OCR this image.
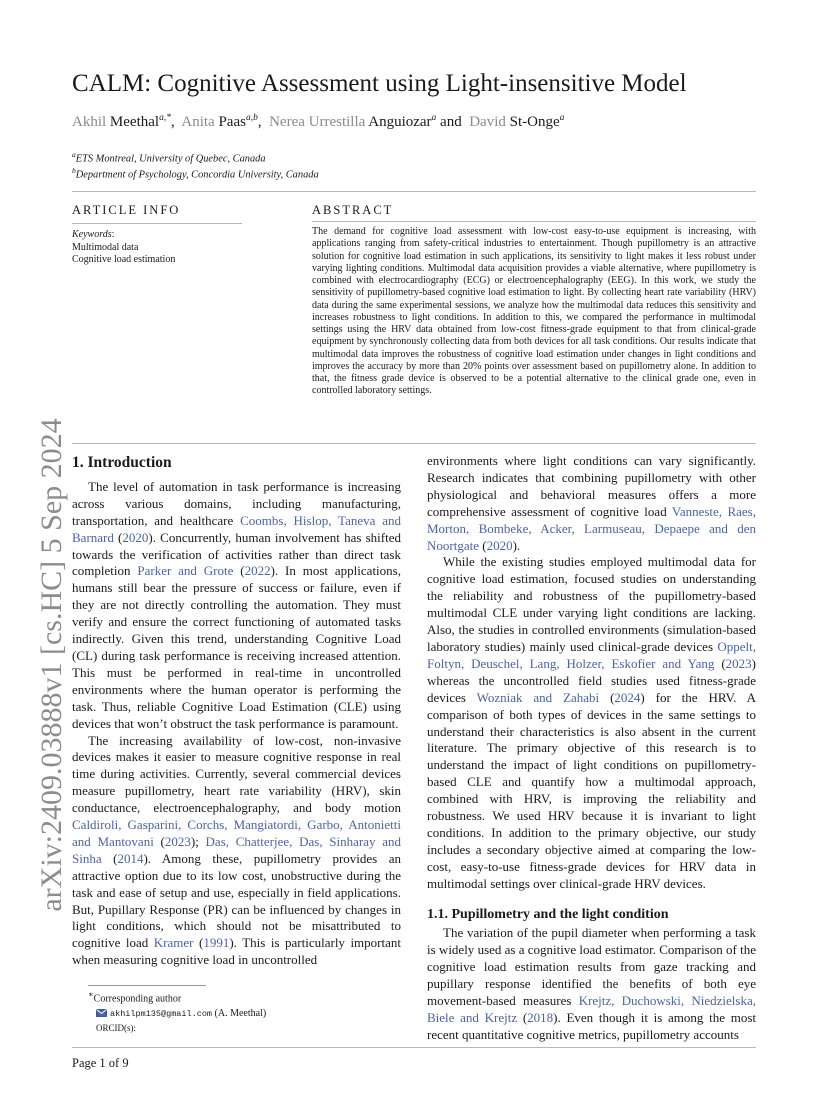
arXiv:2409.03888v1 [cs.HC] 5 Sep 2024
CALM: Cognitive Assessment using Light-insensitive Model
Akhil Meethal$^{a,*}$,  Anita Paas$^{a,b}$,  Nerea Urrestilla Anguiozar$^a$ and David St-Onge$^a$
$^a$ETS Montreal, University of Quebec, Canada
$^b$Department of Psychology, Concordia University, Canada
ARTICLE INFO
Keywords:
Multimodal data
Cognitive load estimation
ABSTRACT
The demand for cognitive load assessment with low-cost easy-to-use equipment is increasing, with applications ranging from safety-critical industries to entertainment. Though pupillometry is an attractive solution for cognitive load estimation in such applications, its sensitivity to light makes it less robust under varying lighting conditions. Multimodal data acquisition provides a viable alternative, where pupillometry is combined with electrocardiography (ECG) or electroencephalography (EEG). In this work, we study the sensitivity of pupillometry-based cognitive load estimation to light. By collecting heart rate variability (HRV) data during the same experimental sessions, we analyze how the multimodal data reduces this sensitivity and increases robustness to light conditions. In addition to this, we compared the performance in multimodal settings using the HRV data obtained from low-cost fitness-grade equipment to that from clinical-grade equipment by synchronously collecting data from both devices for all task conditions. Our results indicate that multimodal data improves the robustness of cognitive load estimation under changes in light conditions and improves the accuracy by more than 20% points over assessment based on pupillometry alone. In addition to that, the fitness grade device is observed to be a potential alternative to the clinical grade one, even in controlled laboratory settings.
1. Introduction

The level of automation in task performance is increasing across various domains, including manufacturing, transportation, and healthcare Coombs, Hislop, Taneva and Barnard (2020). Concurrently, human involvement has shifted towards the verification of activities rather than direct task completion Parker and Grote (2022). In most applications, humans still bear the pressure of success or failure, even if they are not directly controlling the automation. They must verify and ensure the correct functioning of automated tasks indirectly. Given this trend, understanding Cognitive Load (CL) during task performance is receiving increased attention. This must be performed in real-time in uncontrolled environments where the human operator is performing the task. Thus, reliable Cognitive Load Estimation (CLE) using devices that won’t obstruct the task performance is paramount.

The increasing availability of low-cost, non-invasive devices makes it easier to measure cognitive response in real time during activities. Currently, several commercial devices measure pupillometry, heart rate variability (HRV), skin conductance, electroencephalography, and body motion Caldiroli, Gasparini, Corchs, Mangiatordi, Garbo, Antonietti and Mantovani (2023); Das, Chatterjee, Das, Sinharay and Sinha (2014). Among these, pupillometry provides an attractive option due to its low cost, unobstructive during the task and ease of setup and use, especially in field applications. But, Pupillary Response (PR) can be influenced by changes in light conditions, which should not be misattributed to cognitive load Kramer (1991). This is particularly important when measuring cognitive load in uncontrolled

environments where light conditions can vary significantly. Research indicates that combining pupillometry with other physiological and behavioral measures offers a more comprehensive assessment of cognitive load Vanneste, Raes, Morton, Bombeke, Acker, Larmuseau, Depaepe and den Noortgate (2020).

While the existing studies employed multimodal data for cognitive load estimation, focused studies on understanding the reliability and robustness of the pupillometry-based multimodal CLE under varying light conditions are lacking. Also, the studies in controlled environments (simulation-based laboratory studies) mainly used clinical-grade devices Oppelt, Foltyn, Deuschel, Lang, Holzer, Eskofier and Yang (2023) whereas the uncontrolled field studies used fitness-grade devices Wozniak and Zahabi (2024) for the HRV. A comparison of both types of devices in the same settings to understand their characteristics is also absent in the current literature. The primary objective of this research is to understand the impact of light conditions on pupillometry-based CLE and quantify how a multimodal approach, combined with HRV, is improving the reliability and robustness. We used HRV because it is invariant to light conditions. In addition to the primary objective, our study includes a secondary objective aimed at comparing the low-cost, easy-to-use fitness-grade devices for HRV data in multimodal settings over clinical-grade HRV devices.

1.1. Pupillometry and the light condition

The variation of the pupil diameter when performing a task is widely used as a cognitive load estimator. Comparison of the cognitive load estimation results from gaze tracking and pupillary response identified the benefits of both eye movement-based measures Krejtz, Duchowski, Niedzielska, Biele and Krejtz (2018). Even though it is among the most recent quantitative cognitive metrics, pupillometry accounts

∗Corresponding author
akhilpm135@gmail.com (A. Meethal)
ORCID(s):
Page 1 of 9
